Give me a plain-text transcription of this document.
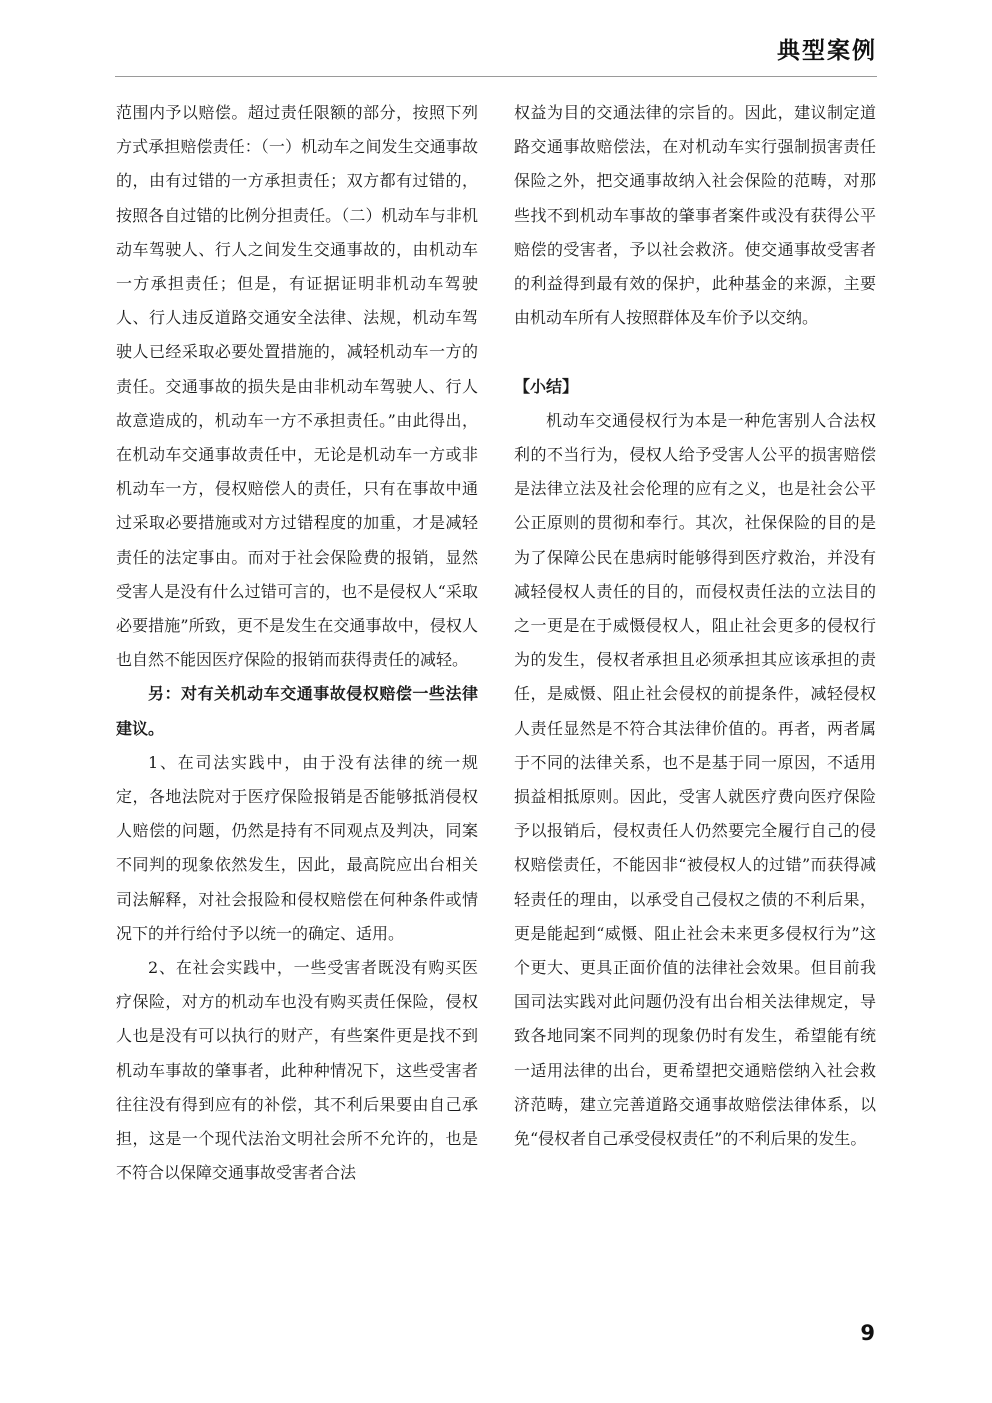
典型案例

范围内予以赔偿。超过责任限额的部分，按照下列方式承担赔偿责任：（一）机动车之间发生交通事故的，由有过错的一方承担责任；双方都有过错的，按照各自过错的比例分担责任。（二）机动车与非机动车驾驶人、行人之间发生交通事故的，由机动车一方承担责任；但是，有证据证明非机动车驾驶人、行人违反道路交通安全法律、法规，机动车驾驶人已经采取必要处置措施的，减轻机动车一方的责任。交通事故的损失是由非机动车驾驶人、行人故意造成的，机动车一方不承担责任。”由此得出，在机动车交通事故责任中，无论是机动车一方或非机动车一方，侵权赔偿人的责任，只有在事故中通过采取必要措施或对方过错程度的加重，才是减轻责任的法定事由。而对于社会保险费的报销，显然受害人是没有什么过错可言的，也不是侵权人“采取必要措施”所致，更不是发生在交通事故中，侵权人也自然不能因医疗保险的报销而获得责任的减轻。

另：对有关机动车交通事故侵权赔偿一些法律建议。

1、在司法实践中，由于没有法律的统一规定，各地法院对于医疗保险报销是否能够抵消侵权人赔偿的问题，仍然是持有不同观点及判决，同案不同判的现象依然发生，因此，最高院应出台相关司法解释，对社会报险和侵权赔偿在何种条件或情况下的并行给付予以统一的确定、适用。

2、在社会实践中，一些受害者既没有购买医疗保险，对方的机动车也没有购买责任保险，侵权人也是没有可以执行的财产，有些案件更是找不到机动车事故的肇事者，此种种情况下，这些受害者往往没有得到应有的补偿，其不利后果要由自己承担，这是一个现代法治文明社会所不允许的，也是不符合以保障交通事故受害者合法

权益为目的交通法律的宗旨的。因此，建议制定道路交通事故赔偿法，在对机动车实行强制损害责任保险之外，把交通事故纳入社会保险的范畴，对那些找不到机动车事故的肇事者案件或没有获得公平赔偿的受害者，予以社会救济。使交通事故受害者的利益得到最有效的保护，此种基金的来源，主要由机动车所有人按照群体及车价予以交纳。

【小结】

机动车交通侵权行为本是一种危害别人合法权利的不当行为，侵权人给予受害人公平的损害赔偿是法律立法及社会伦理的应有之义，也是社会公平公正原则的贯彻和奉行。其次，社保保险的目的是为了保障公民在患病时能够得到医疗救治，并没有减轻侵权人责任的目的，而侵权责任法的立法目的之一更是在于威慑侵权人，阻止社会更多的侵权行为的发生，侵权者承担且必须承担其应该承担的责任，是威慑、阻止社会侵权的前提条件，减轻侵权人责任显然是不符合其法律价值的。再者，两者属于不同的法律关系，也不是基于同一原因，不适用损益相抵原则。因此，受害人就医疗费向医疗保险予以报销后，侵权责任人仍然要完全履行自己的侵权赔偿责任，不能因非“被侵权人的过错”而获得减轻责任的理由，以承受自己侵权之债的不利后果，更是能起到“威慑、阻止社会未来更多侵权行为”这个更大、更具正面价值的法律社会效果。但目前我国司法实践对此问题仍没有出台相关法律规定，导致各地同案不同判的现象仍时有发生，希望能有统一适用法律的出台，更希望把交通赔偿纳入社会救济范畴，建立完善道路交通事故赔偿法律体系，以免“侵权者自己承受侵权责任”的不利后果的发生。

9
